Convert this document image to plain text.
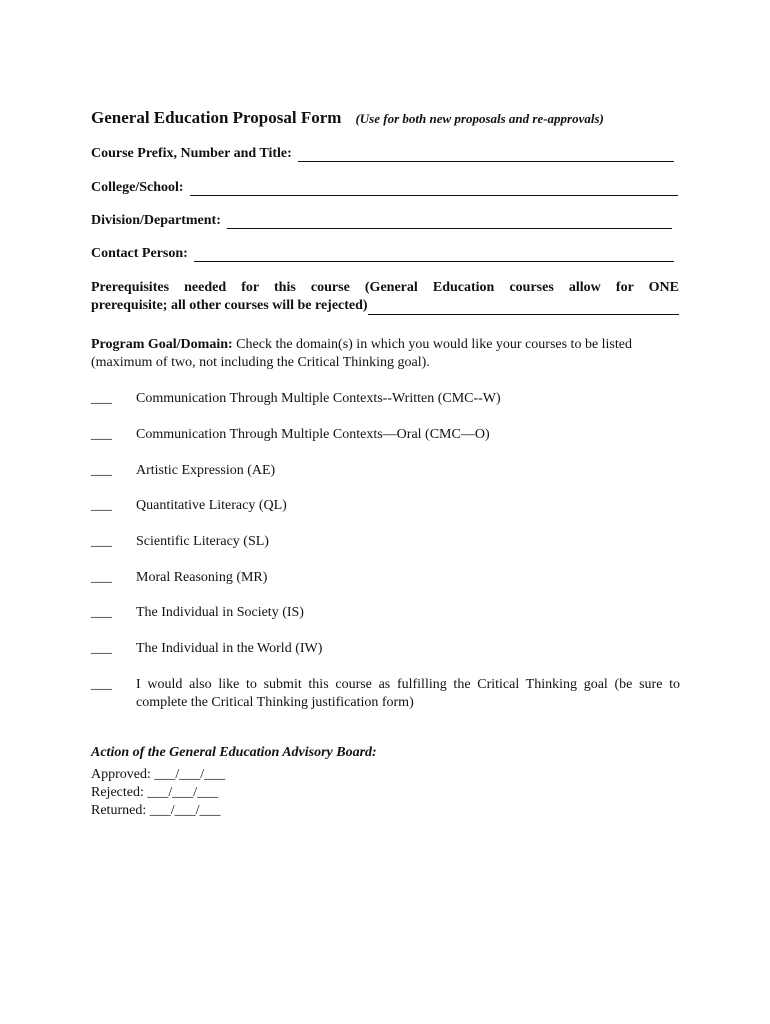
General Education Proposal Form (Use for both new proposals and re-approvals)
Course Prefix, Number and Title:
College/School:
Division/Department:
Contact Person:
Prerequisites needed for this course (General Education courses allow for ONE
prerequisite; all other courses will be rejected)
Program Goal/Domain: Check the domain(s) in which you would like your courses to be listed (maximum of two, not including the Critical Thinking goal).
___	Communication Through Multiple Contexts--Written (CMC--W)
___	Communication Through Multiple Contexts—Oral (CMC—O)
___	Artistic Expression (AE)
___	Quantitative Literacy (QL)
___	Scientific Literacy (SL)
___	Moral Reasoning (MR)
___	The Individual in Society (IS)
___	The Individual in the World (IW)
___	I would also like to submit this course as fulfilling the Critical Thinking goal (be sure to complete the Critical Thinking justification form)
Action of the General Education Advisory Board:
Approved: ___/___/___
Rejected: ___/___/___
Returned: ___/___/___
